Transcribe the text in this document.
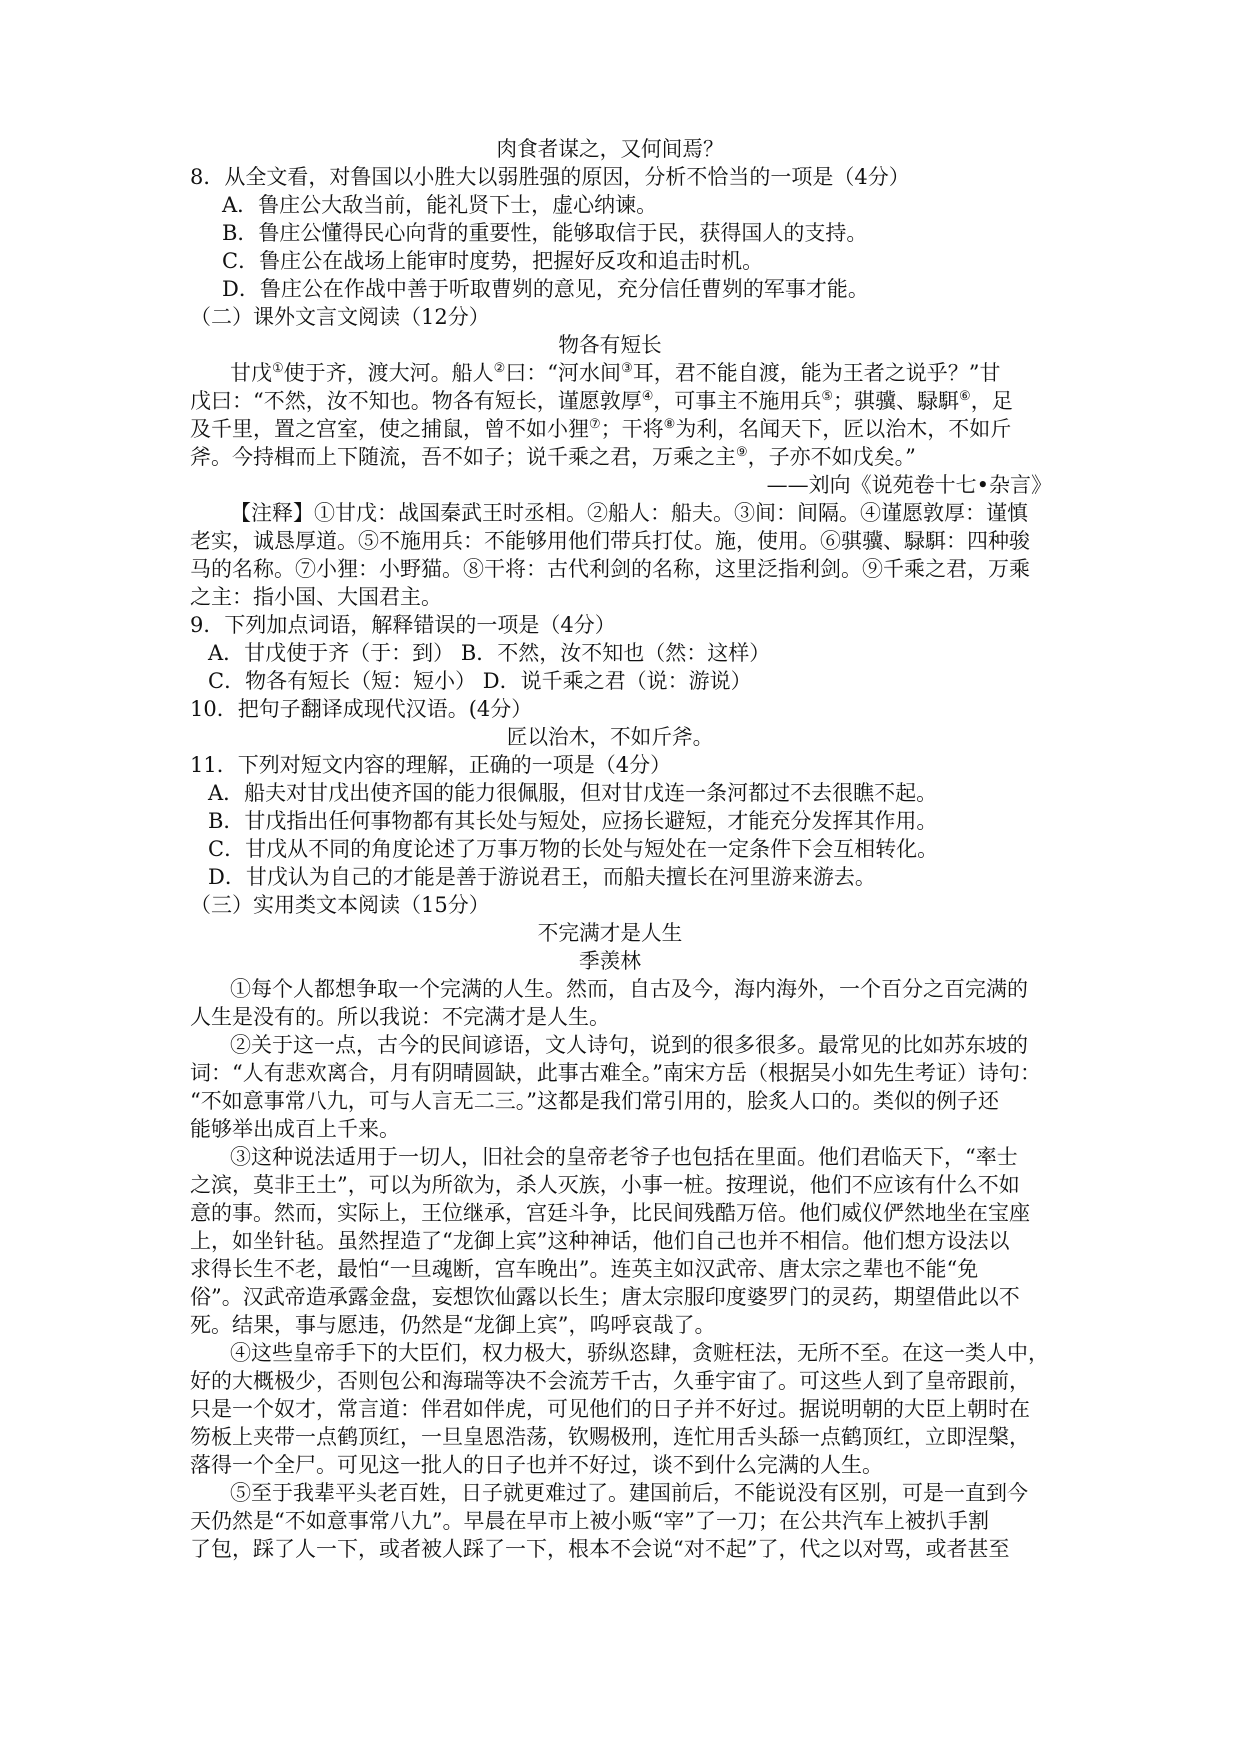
肉食者谋之，又何间焉？
8．从全文看，对鲁国以小胜大以弱胜强的原因，分析不恰当的一项是（4分）
A．鲁庄公大敌当前，能礼贤下士，虚心纳谏。
B．鲁庄公懂得民心向背的重要性，能够取信于民，获得国人的支持。
C．鲁庄公在战场上能审时度势，把握好反攻和追击时机。
D．鲁庄公在作战中善于听取曹刿的意见，充分信任曹刿的军事才能。
（二）课外文言文阅读（12分）
物各有短长
甘戊①使于齐，渡大河。船人②曰：“河水间③耳，君不能自渡，能为王者之说乎？”甘
戊曰：“不然，汝不知也。物各有短长，谨愿敦厚④，可事主不施用兵⑤；骐骥、騄駬⑥，足
及千里，置之宫室，使之捕鼠，曾不如小狸⑦；干将⑧为利，名闻天下，匠以治木，不如斤
斧。今持楫而上下随流，吾不如子；说千乘之君，万乘之主⑨，子亦不如戊矣。”
——刘向《说苑卷十七•杂言》
【注释】①甘戊：战国秦武王时丞相。②船人：船夫。③间：间隔。④谨愿敦厚：谨慎
老实，诚恳厚道。⑤不施用兵：不能够用他们带兵打仗。施，使用。⑥骐骥、騄駬：四种骏
马的名称。⑦小狸：小野猫。⑧干将：古代利剑的名称，这里泛指利剑。⑨千乘之君，万乘
之主：指小国、大国君主。
9．下列加点词语，解释错误的一项是（4分）
A．甘戊使于齐（于：到） B．不然，汝不知也（然：这样）
C．物各有短长（短：短小） D．说千乘之君（说：游说）
10．把句子翻译成现代汉语。(4分）
匠以治木，不如斤斧。
11．下列对短文内容的理解，正确的一项是（4分）
A．船夫对甘戊出使齐国的能力很佩服，但对甘戊连一条河都过不去很瞧不起。
B．甘戊指出任何事物都有其长处与短处，应扬长避短，才能充分发挥其作用。
C．甘戊从不同的角度论述了万事万物的长处与短处在一定条件下会互相转化。
D．甘戊认为自己的才能是善于游说君王，而船夫擅长在河里游来游去。
（三）实用类文本阅读（15分）
不完满才是人生
季羡林
①每个人都想争取一个完满的人生。然而，自古及今，海内海外，一个百分之百完满的
人生是没有的。所以我说：不完满才是人生。
②关于这一点，古今的民间谚语，文人诗句，说到的很多很多。最常见的比如苏东坡的
词：“人有悲欢离合，月有阴晴圆缺，此事古难全。”南宋方岳（根据吴小如先生考证）诗句：
“不如意事常八九，可与人言无二三。”这都是我们常引用的，脍炙人口的。类似的例子还
能够举出成百上千来。
③这种说法适用于一切人，旧社会的皇帝老爷子也包括在里面。他们君临天下，“率士
之滨，莫非王土”，可以为所欲为，杀人灭族，小事一桩。按理说，他们不应该有什么不如
意的事。然而，实际上，王位继承，宫廷斗争，比民间残酷万倍。他们威仪俨然地坐在宝座
上，如坐针毡。虽然捏造了“龙御上宾”这种神话，他们自己也并不相信。他们想方设法以
求得长生不老，最怕“一旦魂断，宫车晚出”。连英主如汉武帝、唐太宗之辈也不能“免
俗”。汉武帝造承露金盘，妄想饮仙露以长生；唐太宗服印度婆罗门的灵药，期望借此以不
死。结果，事与愿违，仍然是“龙御上宾”，呜呼哀哉了。
④这些皇帝手下的大臣们，权力极大，骄纵恣肆，贪赃枉法，无所不至。在这一类人中，
好的大概极少，否则包公和海瑞等决不会流芳千古，久垂宇宙了。可这些人到了皇帝跟前，
只是一个奴才，常言道：伴君如伴虎，可见他们的日子并不好过。据说明朝的大臣上朝时在
笏板上夹带一点鹤顶红，一旦皇恩浩荡，钦赐极刑，连忙用舌头舔一点鹤顶红，立即涅槃，
落得一个全尸。可见这一批人的日子也并不好过，谈不到什么完满的人生。
⑤至于我辈平头老百姓，日子就更难过了。建国前后，不能说没有区别，可是一直到今
天仍然是“不如意事常八九”。早晨在早市上被小贩“宰”了一刀；在公共汽车上被扒手割
了包，踩了人一下，或者被人踩了一下，根本不会说“对不起”了，代之以对骂，或者甚至
